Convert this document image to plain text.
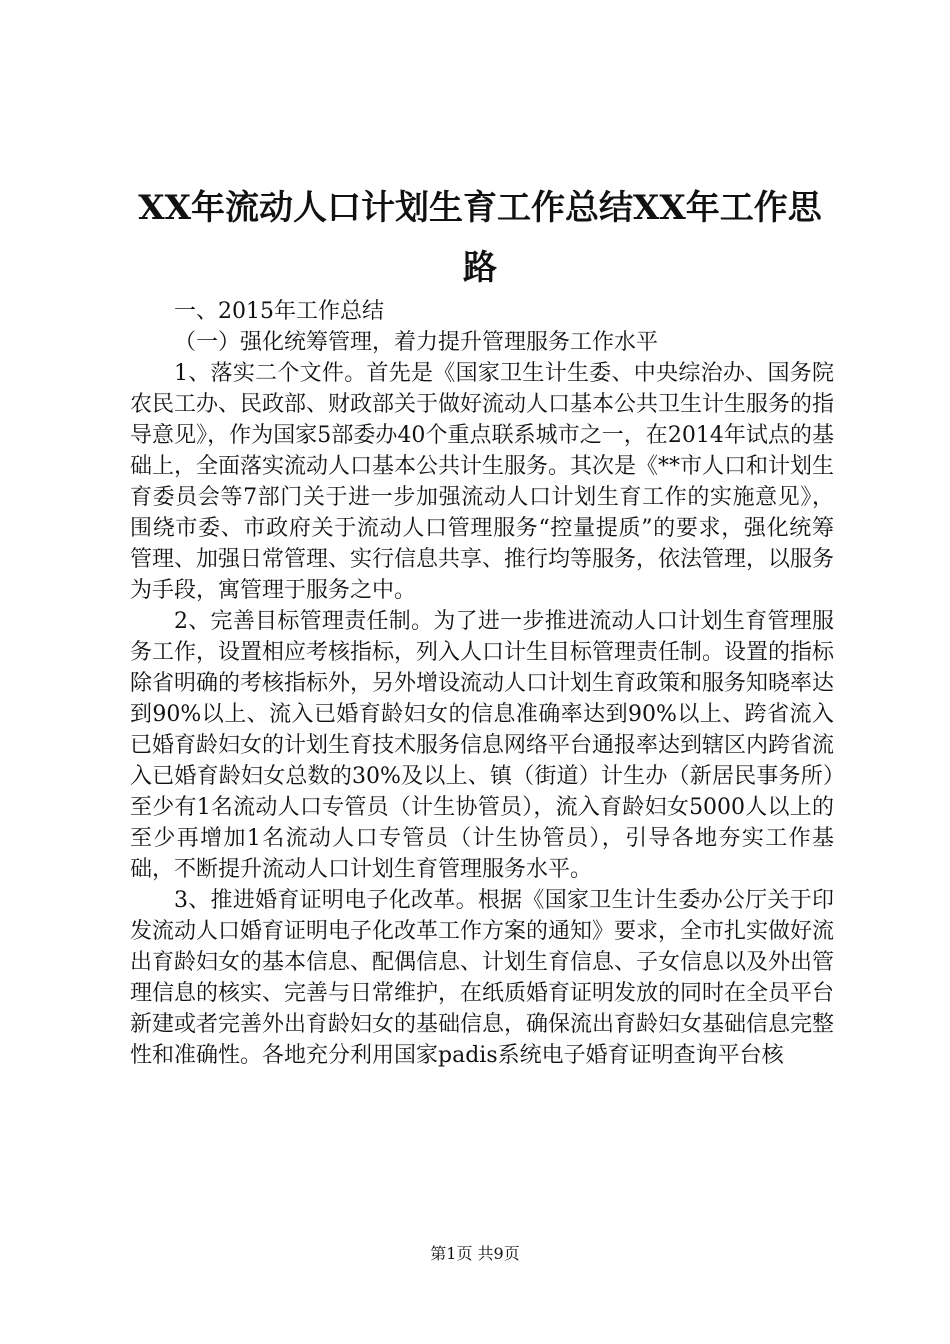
XX年流动人口计划生育工作总结XX年工作思路

一、2015年工作总结

（一）强化统筹管理，着力提升管理服务工作水平

1、落实二个文件。首先是《国家卫生计生委、中央综治办、国务院农民工办、民政部、财政部关于做好流动人口基本公共卫生计生服务的指导意见》，作为国家5部委办40个重点联系城市之一，在2014年试点的基础上，全面落实流动人口基本公共计生服务。其次是《**市人口和计划生育委员会等7部门关于进一步加强流动人口计划生育工作的实施意见》，围绕市委、市政府关于流动人口管理服务“控量提质”的要求，强化统筹管理、加强日常管理、实行信息共享、推行均等服务，依法管理，以服务为手段，寓管理于服务之中。

2、完善目标管理责任制。为了进一步推进流动人口计划生育管理服务工作，设置相应考核指标，列入人口计生目标管理责任制。设置的指标除省明确的考核指标外，另外增设流动人口计划生育政策和服务知晓率达到90%以上、流入已婚育龄妇女的信息准确率达到90%以上、跨省流入已婚育龄妇女的计划生育技术服务信息网络平台通报率达到辖区内跨省流入已婚育龄妇女总数的30%及以上、镇（街道）计生办（新居民事务所）至少有1名流动人口专管员（计生协管员），流入育龄妇女5000人以上的至少再增加1名流动人口专管员（计生协管员），引导各地夯实工作基础，不断提升流动人口计划生育管理服务水平。

3、推进婚育证明电子化改革。根据《国家卫生计生委办公厅关于印发流动人口婚育证明电子化改革工作方案的通知》要求，全市扎实做好流出育龄妇女的基本信息、配偶信息、计划生育信息、子女信息以及外出管理信息的核实、完善与日常维护，在纸质婚育证明发放的同时在全员平台新建或者完善外出育龄妇女的基础信息，确保流出育龄妇女基础信息完整性和准确性。各地充分利用国家padis系统电子婚育证明查询平台核

第1页 共9页
